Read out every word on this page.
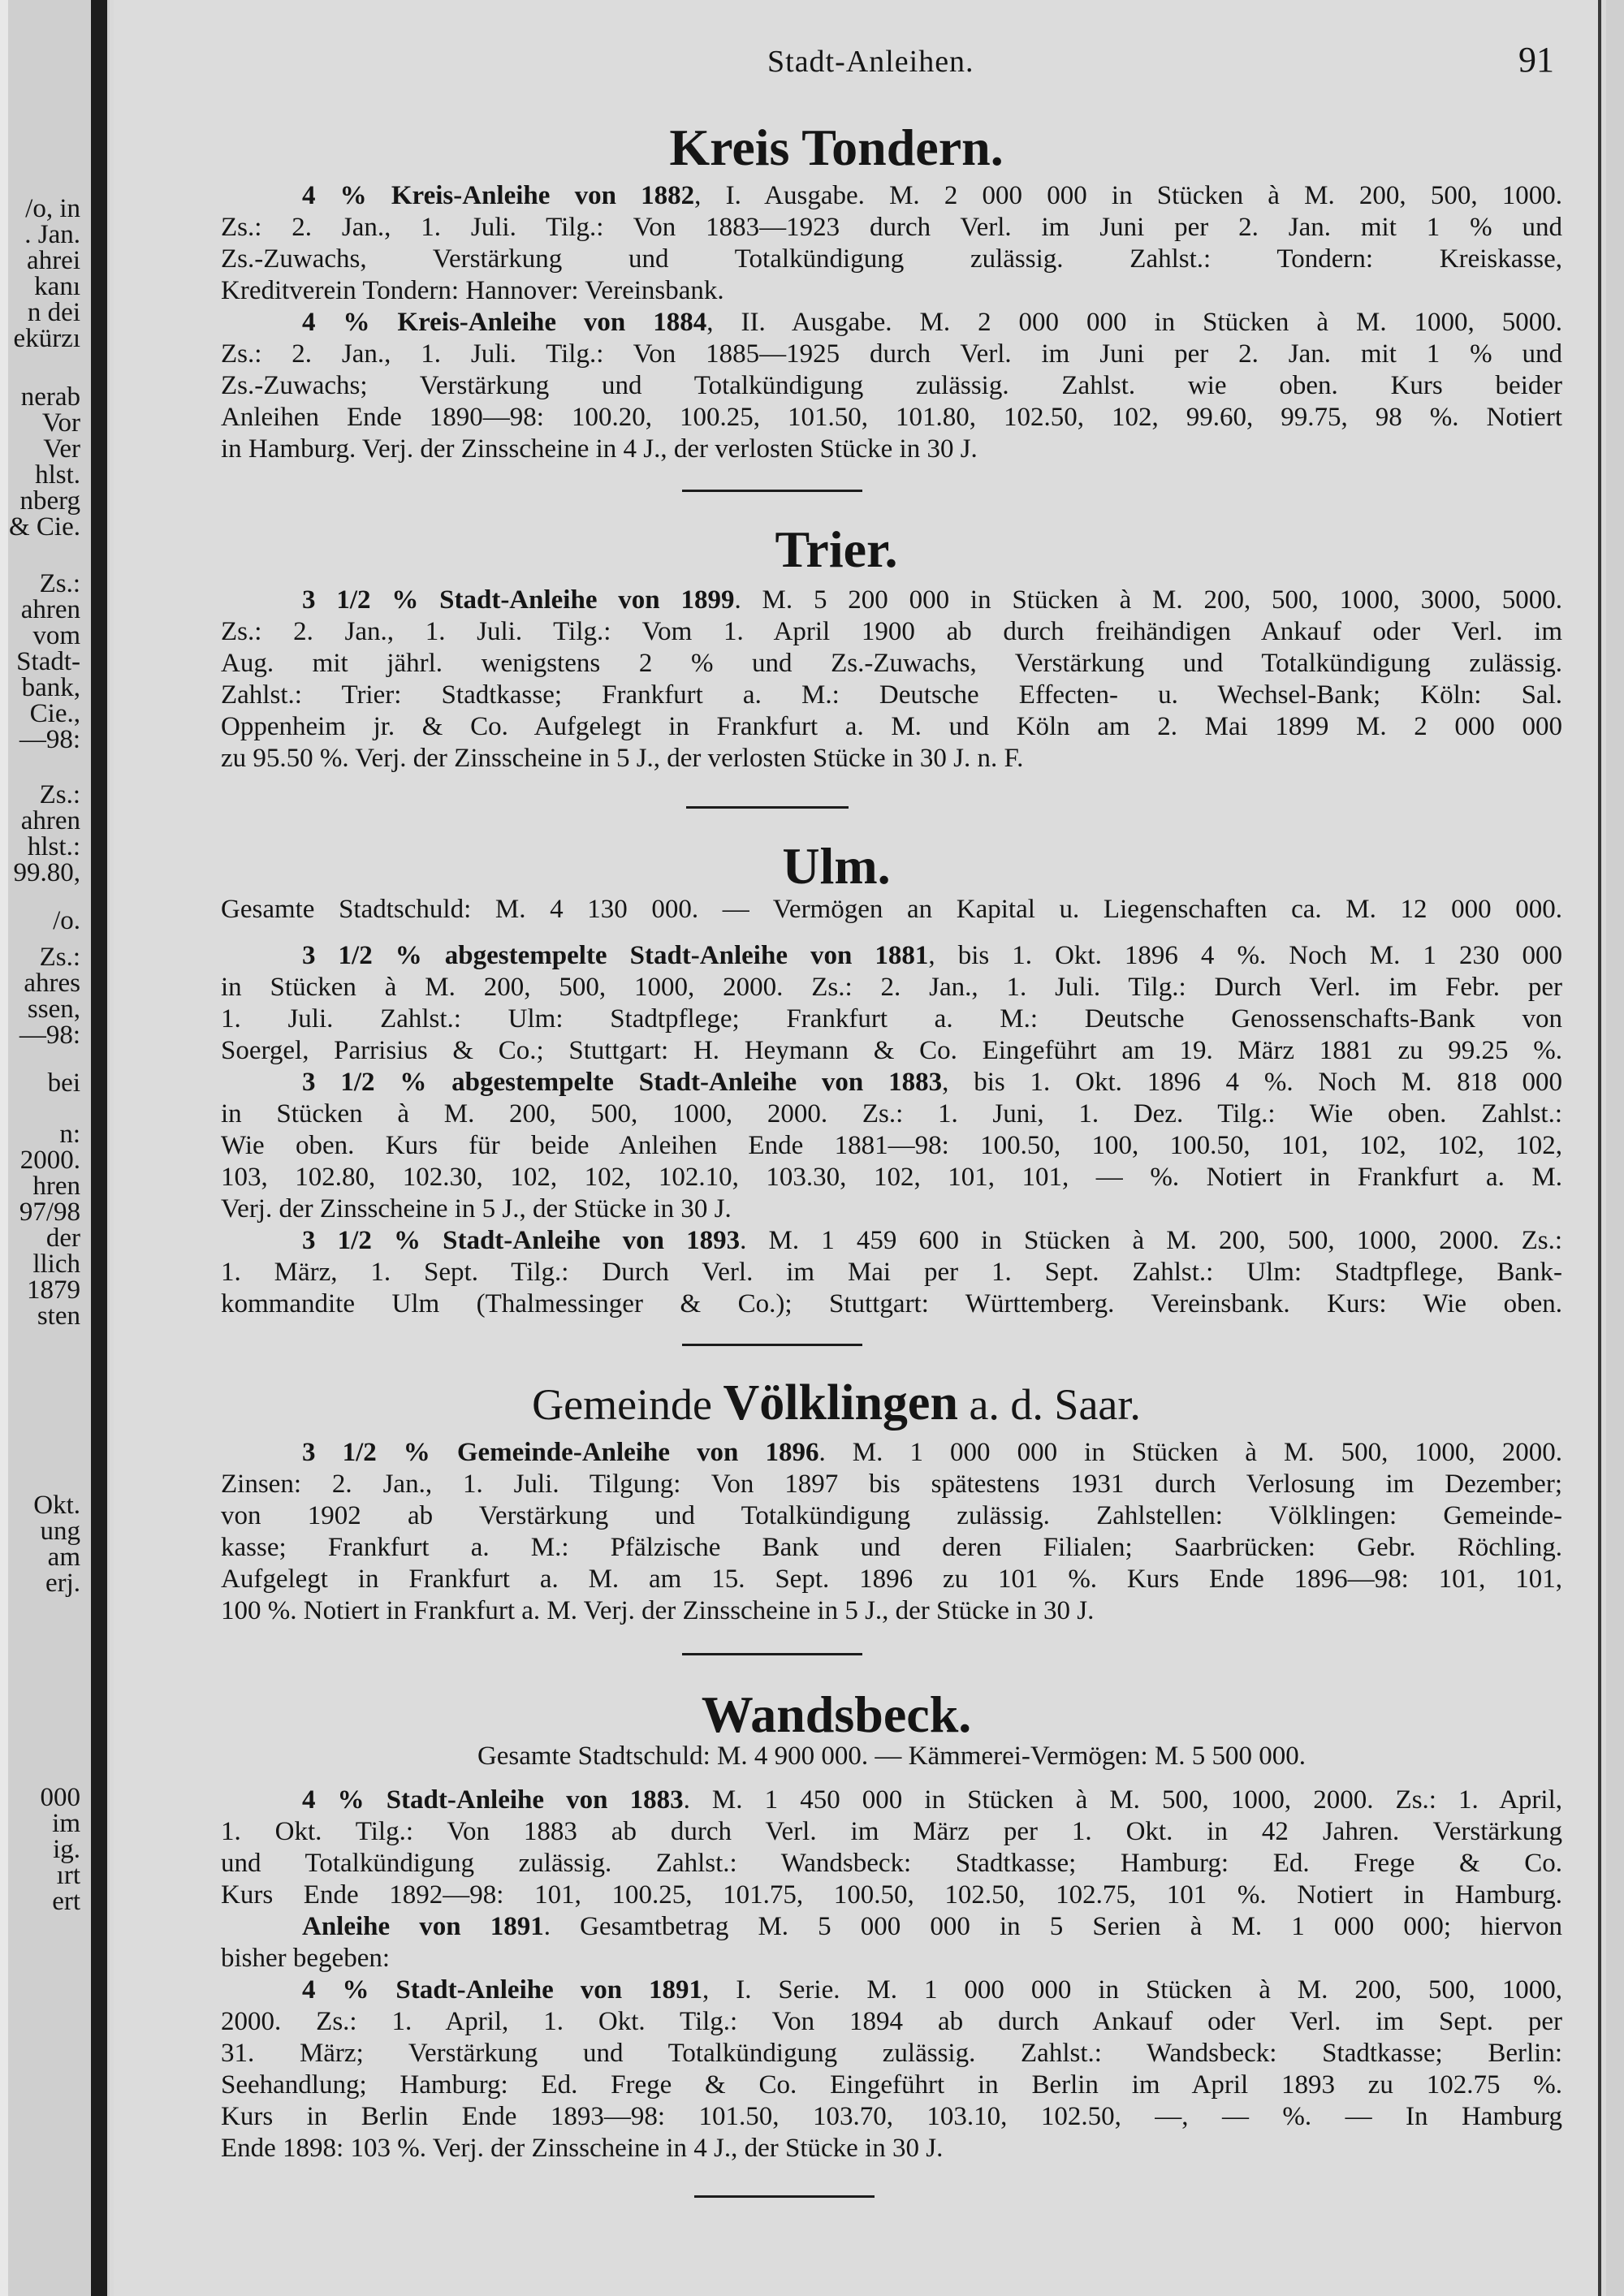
/o, in
. Jan.
ahrei
kanı
n dei
ekürzı
nerab
Vor
Ver
hlst.
nberg
& Cie.
Zs.:
ahren
vom
Stadt-
bank,
Cie.,
—98:
Zs.:
ahren
hlst.:
99.80,
/o.
Zs.:
ahres
ssen,
—98:
bei
n:
2000.
hren
97/98
der
llich
1879
sten
Okt.
ung
am
erj.
000
im
ig.
ırt
ert
Stadt-Anleihen.	91
Kreis Tondern.
4 % Kreis-Anleihe von 1882, I. Ausgabe. M. 2 000 000 in Stücken à M. 200, 500, 1000.
Zs.: 2. Jan., 1. Juli. Tilg.: Von 1883—1923 durch Verl. im Juni per 2. Jan. mit 1 % und
Zs.-Zuwachs, Verstärkung und Totalkündigung zulässig. Zahlst.: Tondern: Kreiskasse,
Kreditverein Tondern: Hannover: Vereinsbank.
4 % Kreis-Anleihe von 1884, II. Ausgabe. M. 2 000 000 in Stücken à M. 1000, 5000.
Zs.: 2. Jan., 1. Juli. Tilg.: Von 1885—1925 durch Verl. im Juni per 2. Jan. mit 1 % und
Zs.-Zuwachs; Verstärkung und Totalkündigung zulässig. Zahlst. wie oben. Kurs beider
Anleihen Ende 1890—98: 100.20, 100.25, 101.50, 101.80, 102.50, 102, 99.60, 99.75, 98 %. Notiert
in Hamburg. Verj. der Zinsscheine in 4 J., der verlosten Stücke in 30 J.
Trier.
3 1/2 % Stadt-Anleihe von 1899. M. 5 200 000 in Stücken à M. 200, 500, 1000, 3000, 5000.
Zs.: 2. Jan., 1. Juli. Tilg.: Vom 1. April 1900 ab durch freihändigen Ankauf oder Verl. im
Aug. mit jährl. wenigstens 2 % und Zs.-Zuwachs, Verstärkung und Totalkündigung zulässig.
Zahlst.: Trier: Stadtkasse; Frankfurt a. M.: Deutsche Effecten- u. Wechsel-Bank; Köln: Sal.
Oppenheim jr. & Co. Aufgelegt in Frankfurt a. M. und Köln am 2. Mai 1899 M. 2 000 000
zu 95.50 %. Verj. der Zinsscheine in 5 J., der verlosten Stücke in 30 J. n. F.
Ulm.
Gesamte Stadtschuld: M. 4 130 000. — Vermögen an Kapital u. Liegenschaften ca. M. 12 000 000.
3 1/2 % abgestempelte Stadt-Anleihe von 1881, bis 1. Okt. 1896 4 %. Noch M. 1 230 000
in Stücken à M. 200, 500, 1000, 2000. Zs.: 2. Jan., 1. Juli. Tilg.: Durch Verl. im Febr. per
1. Juli. Zahlst.: Ulm: Stadtpflege; Frankfurt a. M.: Deutsche Genossenschafts-Bank von
Soergel, Parrisius & Co.; Stuttgart: H. Heymann & Co. Eingeführt am 19. März 1881 zu 99.25 %.
3 1/2 % abgestempelte Stadt-Anleihe von 1883, bis 1. Okt. 1896 4 %. Noch M. 818 000
in Stücken à M. 200, 500, 1000, 2000. Zs.: 1. Juni, 1. Dez. Tilg.: Wie oben. Zahlst.:
Wie oben. Kurs für beide Anleihen Ende 1881—98: 100.50, 100, 100.50, 101, 102, 102, 102,
103, 102.80, 102.30, 102, 102, 102.10, 103.30, 102, 101, 101, — %. Notiert in Frankfurt a. M.
Verj. der Zinsscheine in 5 J., der Stücke in 30 J.
3 1/2 % Stadt-Anleihe von 1893. M. 1 459 600 in Stücken à M. 200, 500, 1000, 2000. Zs.:
1. März, 1. Sept. Tilg.: Durch Verl. im Mai per 1. Sept. Zahlst.: Ulm: Stadtpflege, Bank-
kommandite Ulm (Thalmessinger & Co.); Stuttgart: Württemberg. Vereinsbank. Kurs: Wie oben.
Gemeinde Völklingen a. d. Saar.
3 1/2 % Gemeinde-Anleihe von 1896. M. 1 000 000 in Stücken à M. 500, 1000, 2000.
Zinsen: 2. Jan., 1. Juli. Tilgung: Von 1897 bis spätestens 1931 durch Verlosung im Dezember;
von 1902 ab Verstärkung und Totalkündigung zulässig. Zahlstellen: Völklingen: Gemeinde-
kasse; Frankfurt a. M.: Pfälzische Bank und deren Filialen; Saarbrücken: Gebr. Röchling.
Aufgelegt in Frankfurt a. M. am 15. Sept. 1896 zu 101 %. Kurs Ende 1896—98: 101, 101,
100 %. Notiert in Frankfurt a. M. Verj. der Zinsscheine in 5 J., der Stücke in 30 J.
Wandsbeck.
Gesamte Stadtschuld: M. 4 900 000. — Kämmerei-Vermögen: M. 5 500 000.
4 % Stadt-Anleihe von 1883. M. 1 450 000 in Stücken à M. 500, 1000, 2000. Zs.: 1. April,
1. Okt. Tilg.: Von 1883 ab durch Verl. im März per 1. Okt. in 42 Jahren. Verstärkung
und Totalkündigung zulässig. Zahlst.: Wandsbeck: Stadtkasse; Hamburg: Ed. Frege & Co.
Kurs Ende 1892—98: 101, 100.25, 101.75, 100.50, 102.50, 102.75, 101 %. Notiert in Hamburg.
Anleihe von 1891. Gesamtbetrag M. 5 000 000 in 5 Serien à M. 1 000 000; hiervon
bisher begeben:
4 % Stadt-Anleihe von 1891, I. Serie. M. 1 000 000 in Stücken à M. 200, 500, 1000,
2000. Zs.: 1. April, 1. Okt. Tilg.: Von 1894 ab durch Ankauf oder Verl. im Sept. per
31. März; Verstärkung und Totalkündigung zulässig. Zahlst.: Wandsbeck: Stadtkasse; Berlin:
Seehandlung; Hamburg: Ed. Frege & Co. Eingeführt in Berlin im April 1893 zu 102.75 %.
Kurs in Berlin Ende 1893—98: 101.50, 103.70, 103.10, 102.50, —, — %. — In Hamburg
Ende 1898: 103 %. Verj. der Zinsscheine in 4 J., der Stücke in 30 J.
